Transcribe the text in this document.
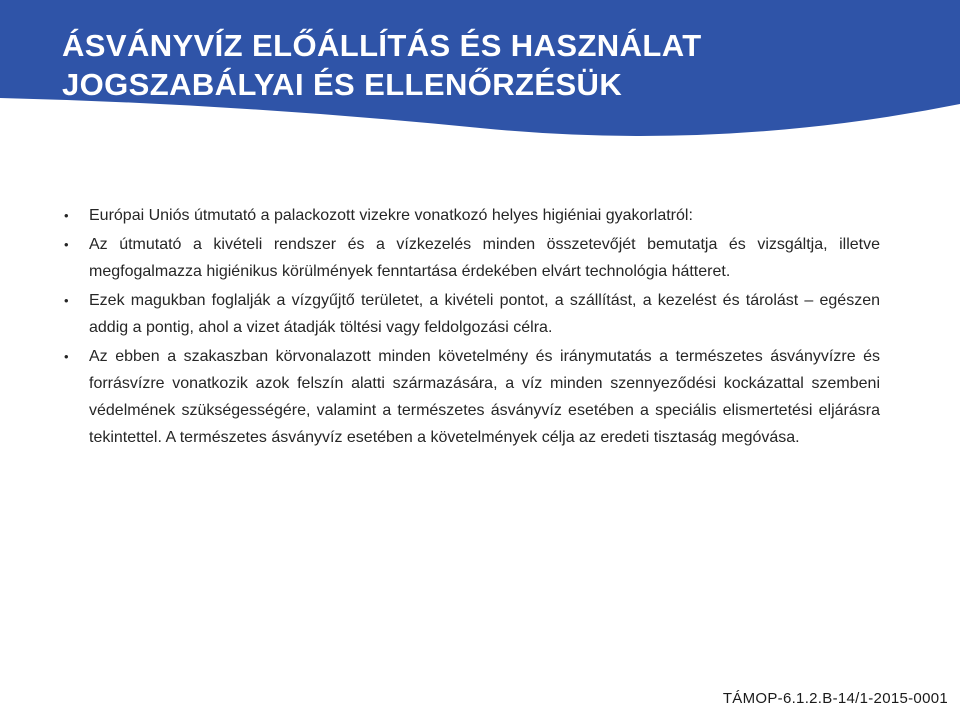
ÁSVÁNYVÍZ ELŐÁLLÍTÁS ÉS HASZNÁLAT
JOGSZABÁLYAI ÉS ELLENŐRZÉSÜK
• Európai Uniós útmutató a palackozott vizekre vonatkozó helyes higiéniai gyakorlatról:
• Az útmutató a kivételi rendszer és a vízkezelés minden összetevőjét bemutatja és vizsgáltja, illetve megfogalmazza higiénikus körülmények fenntartása érdekében elvárt technológia hátteret.
• Ezek magukban foglalják a vízgyűjtő területet, a kivételi pontot, a szállítást, a kezelést és tárolást – egészen addig a pontig, ahol a vizet átadják töltési vagy feldolgozási célra.
• Az ebben a szakaszban körvonalazott minden követelmény és iránymutatás a természetes ásványvízre és forrásvízre vonatkozik azok felszín alatti származására, a víz minden szennyeződési kockázattal szembeni védelmének szükségességére, valamint a természetes ásványvíz esetében a speciális elismertetési eljárásra tekintettel. A természetes ásványvíz esetében a követelmények célja az eredeti tisztaság megóvása.
TÁMOP-6.1.2.B-14/1-2015-0001
